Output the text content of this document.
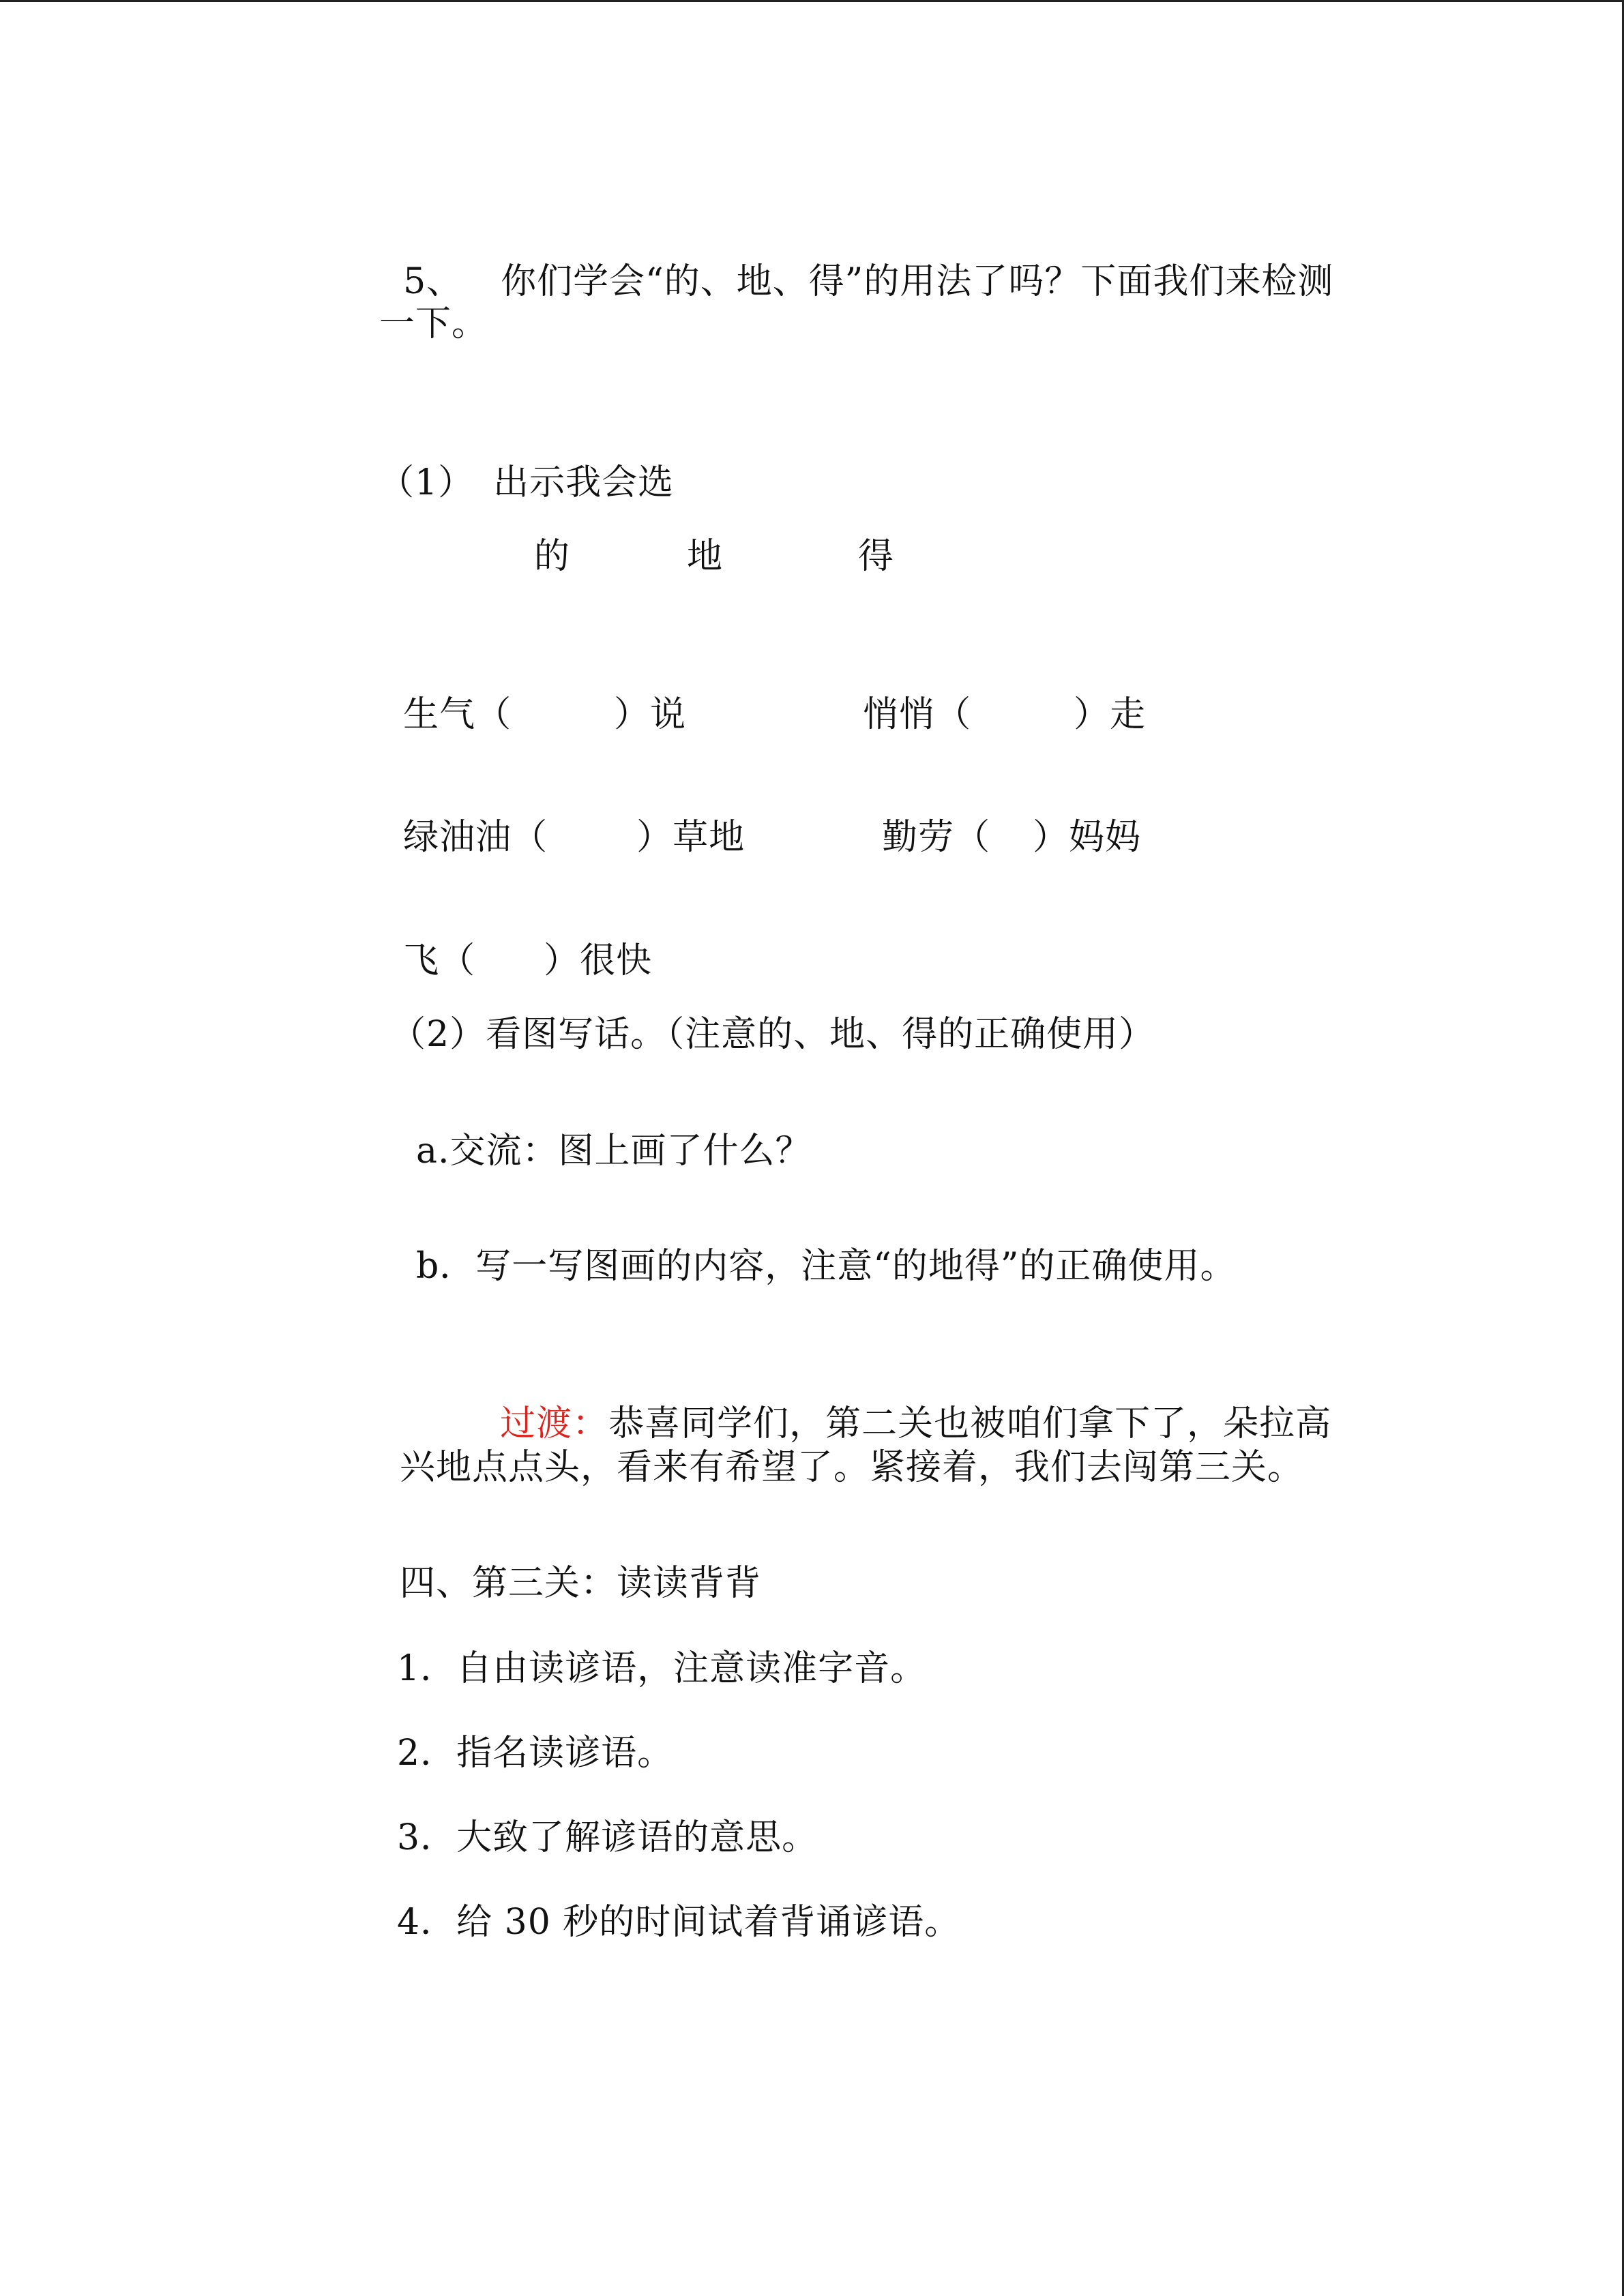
5、 你们学会“的、地、得”的用法了吗？下面我们来检测

一下。

（1） 出示我会选

的	地	得

生气（	）说	悄悄（	）走

绿油油（	）草地	勤劳（ ）妈妈

飞（ ）很快

（2）看图写话。（注意的、地、得的正确使用）
a.交流：图上画了什么？
b．写一写图画的内容，注意“的地得”的正确使用。

过渡：恭喜同学们，第二关也被咱们拿下了，朵拉高

兴地点点头，看来有希望了。紧接着，我们去闯第三关。
四、第三关：读读背背
1．自由读谚语，注意读准字音。
2．指名读谚语。
3．大致了解谚语的意思。
4．给 30 秒的时间试着背诵谚语。
